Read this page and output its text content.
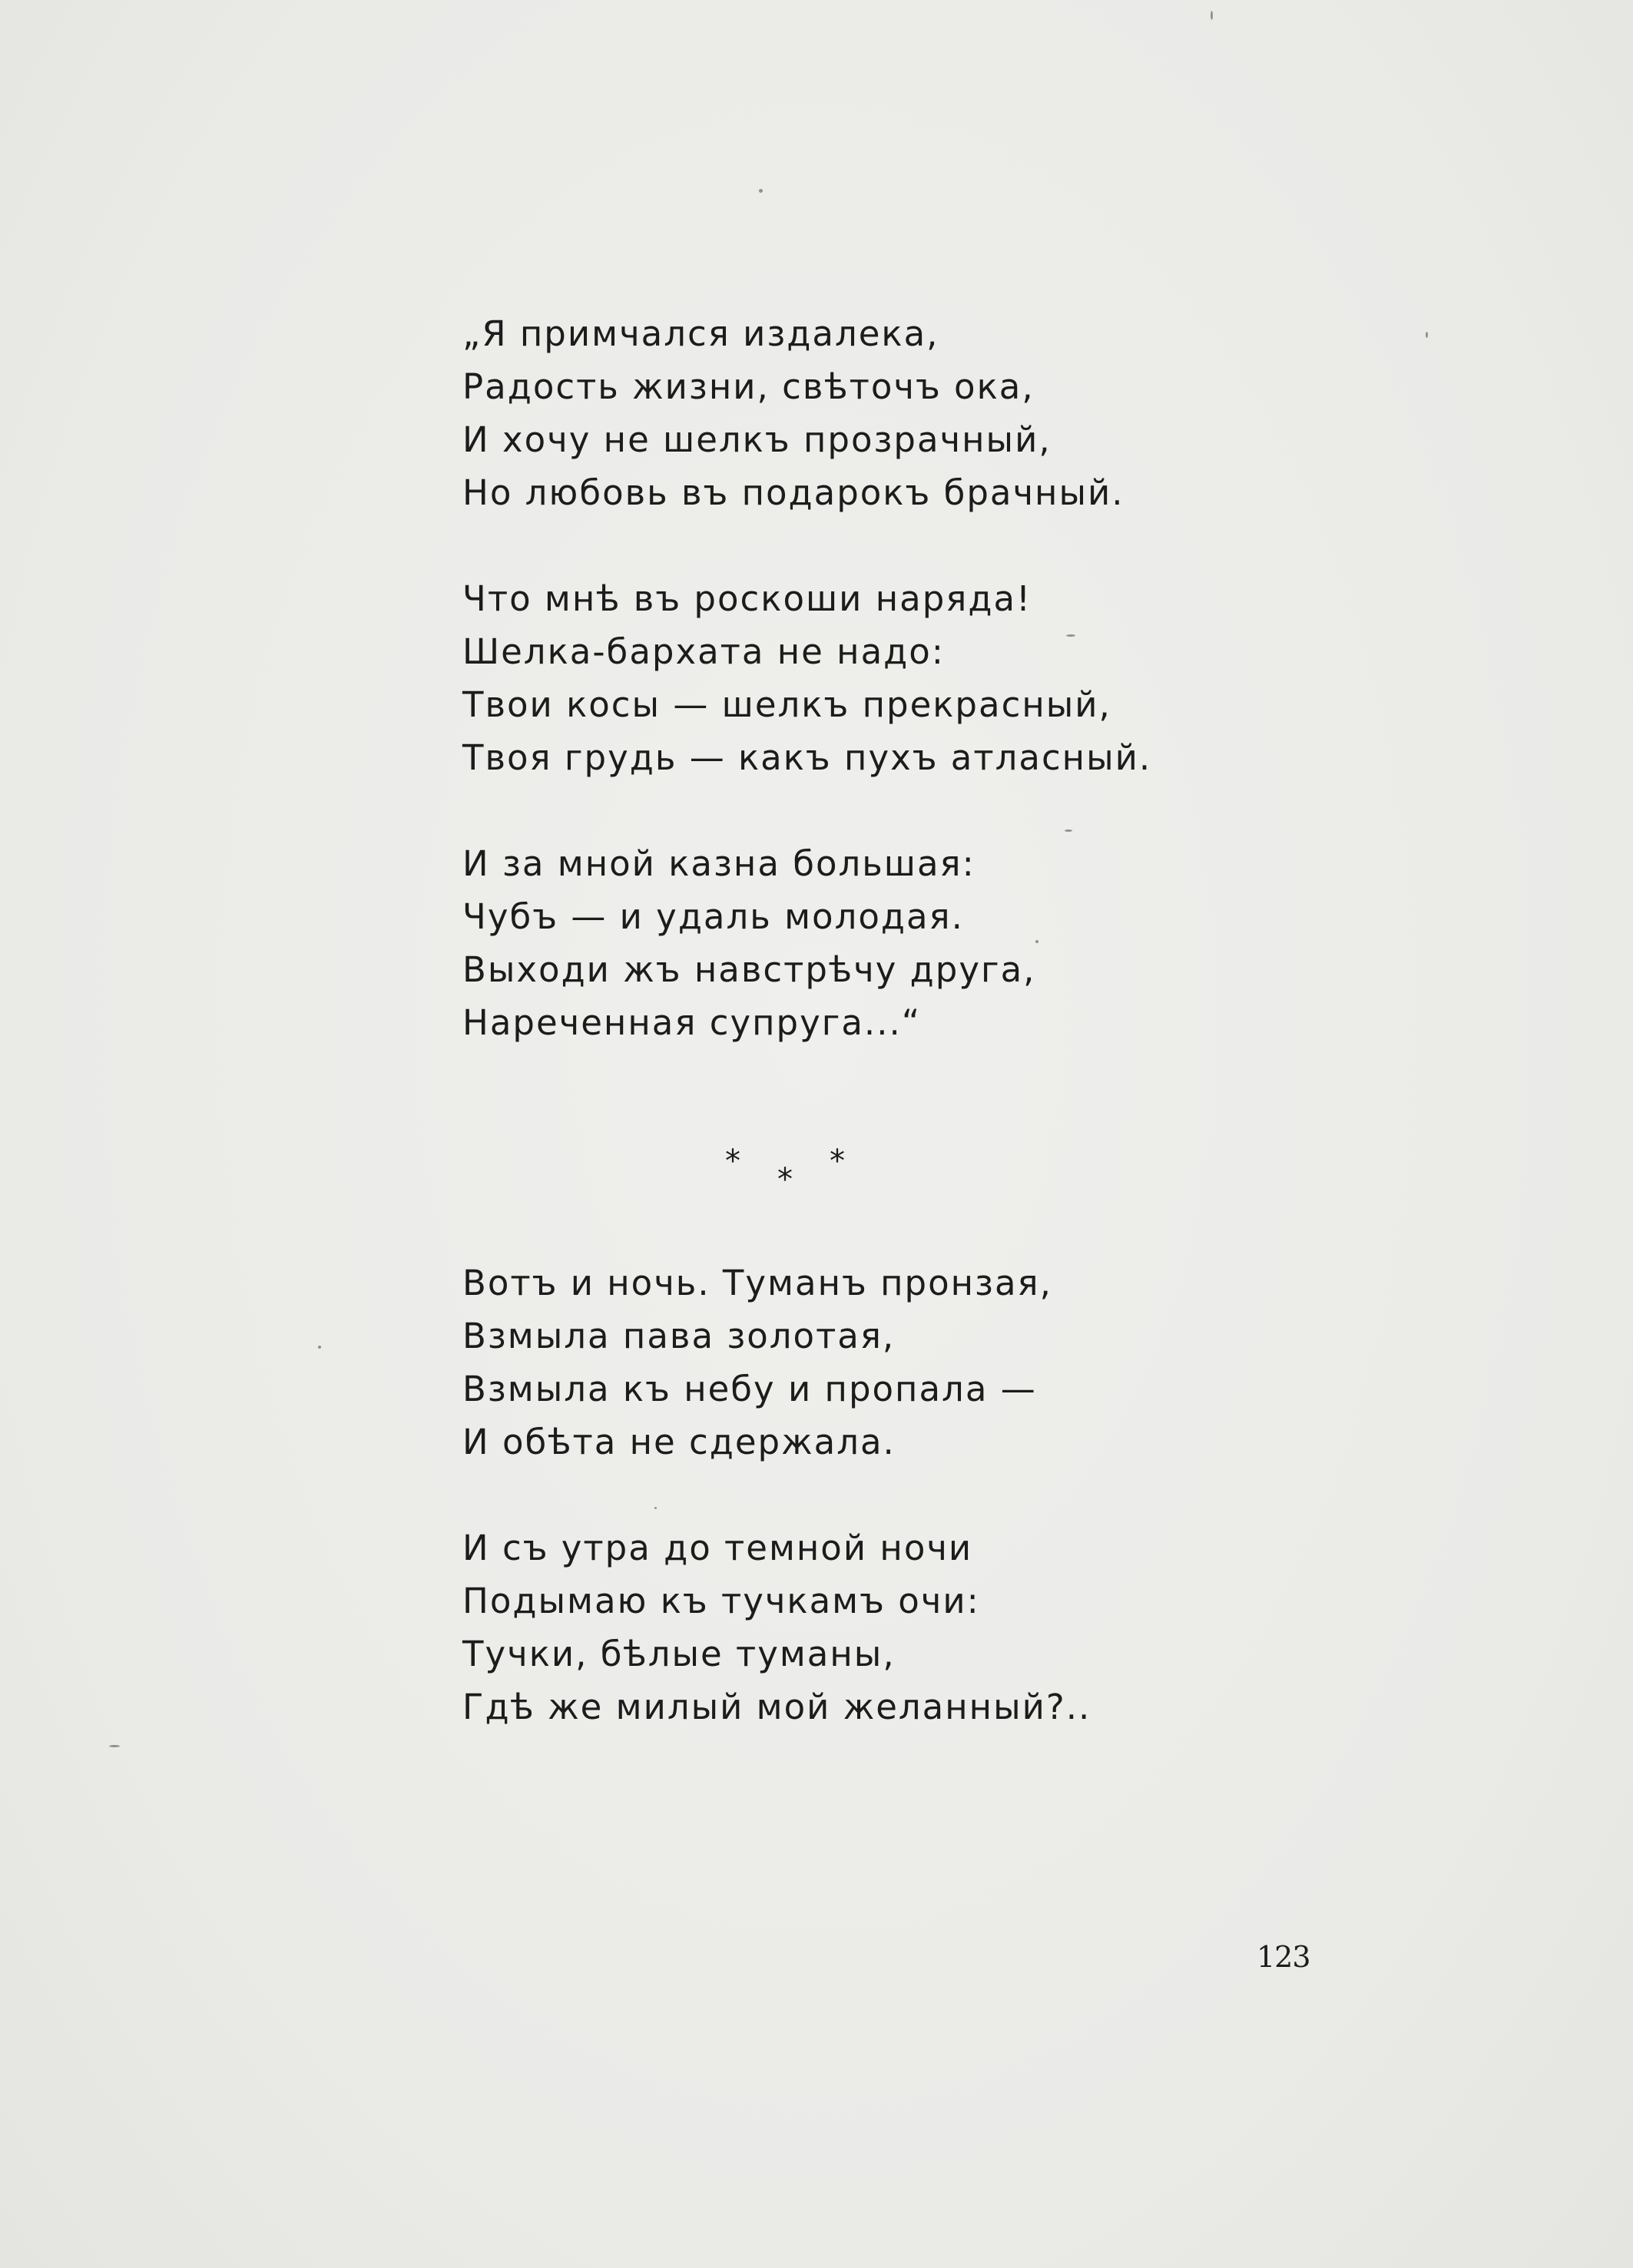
„Я примчался издалека,
Радость жизни, свѣточъ ока,
И хочу не шелкъ прозрачный,
Но любовь въ подарокъ брачный.
Что мнѣ въ роскоши наряда!
Шелка-бархата не надо:
Твои косы — шелкъ прекрасный,
Твоя грудь — какъ пухъ атласный.
И за мной казна большая:
Чубъ — и удаль молодая.
Выходи жъ навстрѣчу друга,
Нареченная супруга...“
*
*
*
Вотъ и ночь. Туманъ пронзая,
Взмыла пава золотая,
Взмыла къ небу и пропала —
И обѣта не сдержала.
И съ утра до темной ночи
Подымаю къ тучкамъ очи:
Тучки, бѣлые туманы,
Гдѣ же милый мой желанный?..
123
